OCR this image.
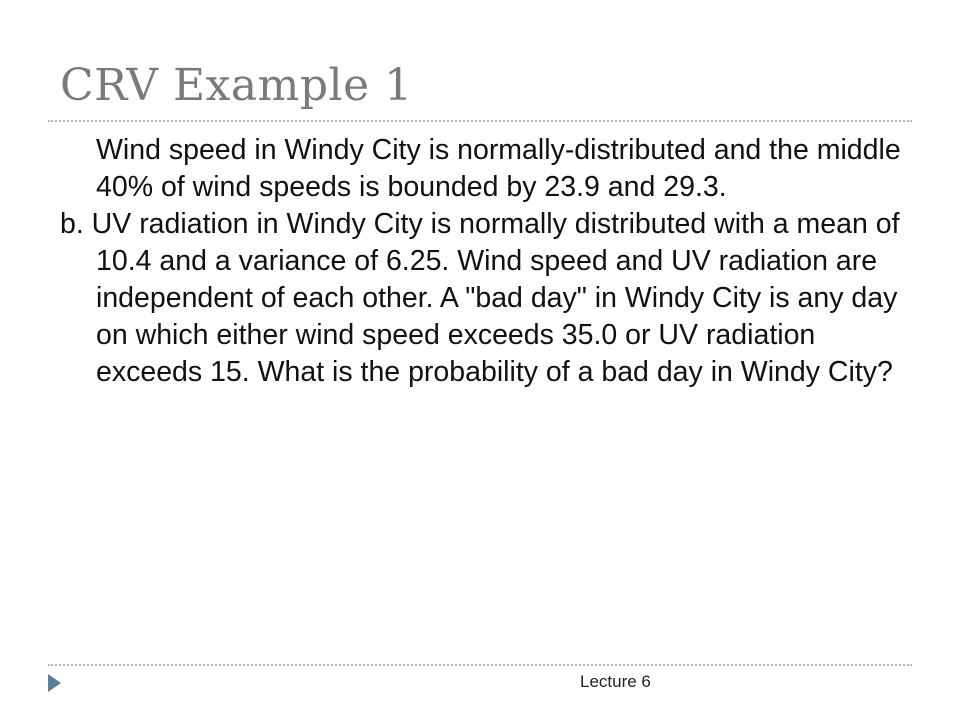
CRV Example 1

Wind speed in Windy City is normally-distributed and the middle 40% of wind speeds is bounded by 23.9 and 29.3.

b. UV radiation in Windy City is normally distributed with a mean of 10.4 and a variance of 6.25. Wind speed and UV radiation are independent of each other. A "bad day" in Windy City is any day on which either wind speed exceeds 35.0 or UV radiation exceeds 15. What is the probability of a bad day in Windy City?

Lecture 6
